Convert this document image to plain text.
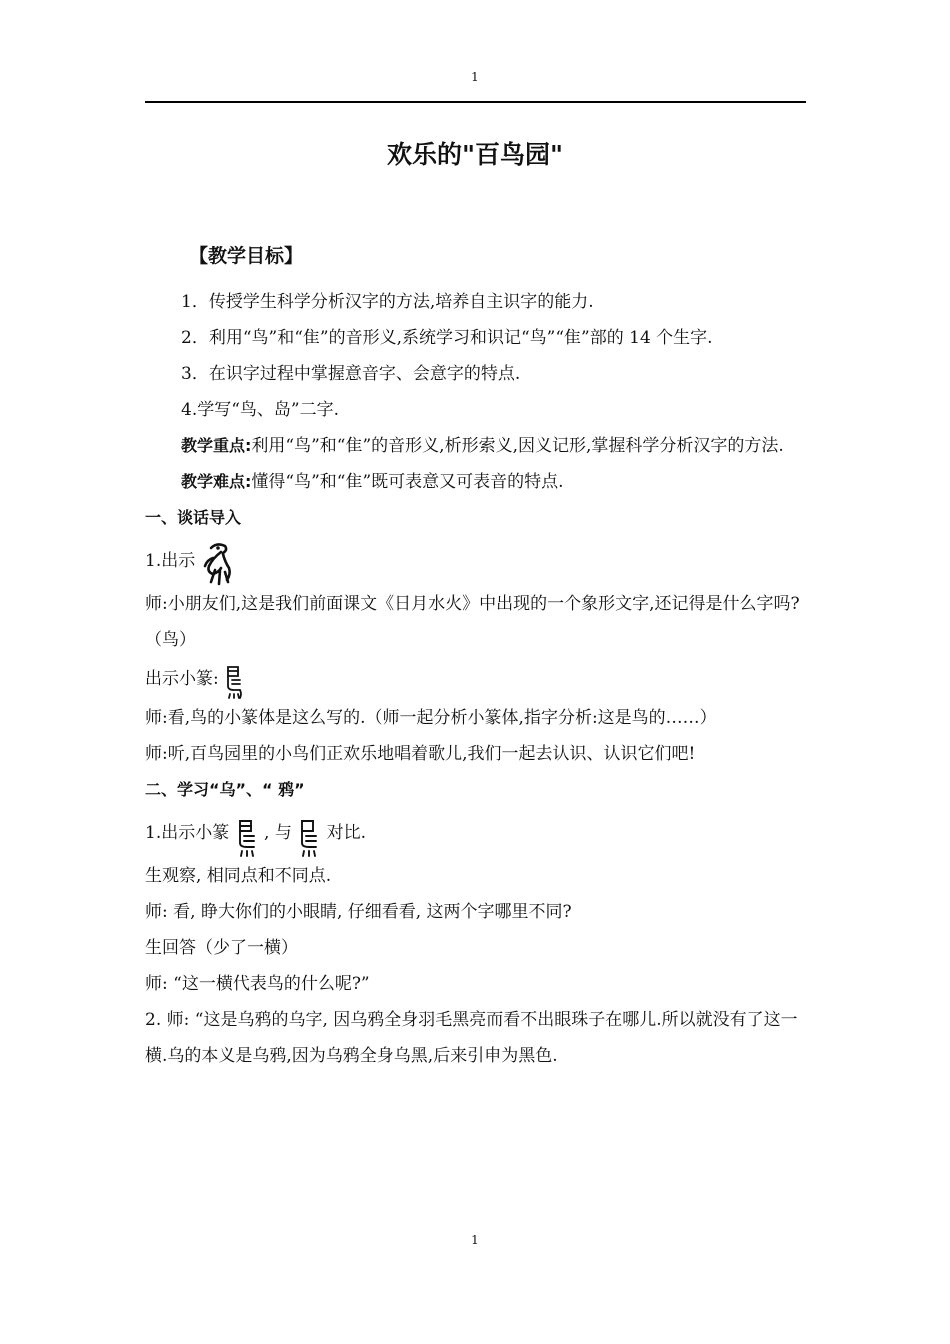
1
欢乐的"百鸟园"

【教学目标】

1．传授学生科学分析汉字的方法,培养自主识字的能力.

2．利用“鸟”和“隹”的音形义,系统学习和识记“鸟”“隹”部的 14 个生字.

3．在识字过程中掌握意音字、会意字的特点.

4.学写“鸟、岛”二字.

教学重点:利用“鸟”和“隹”的音形义,析形索义,因义记形,掌握科学分析汉字的方法.

教学难点:懂得“鸟”和“隹”既可表意又可表音的特点.

一、谈话导入

1.出示

师:小朋友们,这是我们前面课文《日月水火》中出现的一个象形文字,还记得是什么字吗?（鸟）

出示小篆:

师:看,鸟的小篆体是这么写的.（师一起分析小篆体,指字分析:这是鸟的……）

师:听,百鸟园里的小鸟们正欢乐地唱着歌儿,我们一起去认识、认识它们吧!

二、学习“乌”、“ 鸦”

1.出示小篆 , 与 对比.

生观察, 相同点和不同点.

师: 看, 睁大你们的小眼睛, 仔细看看, 这两个字哪里不同?

生回答（少了一横）

师: “这一横代表鸟的什么呢?”

2. 师: “这是乌鸦的乌字, 因乌鸦全身羽毛黑亮而看不出眼珠子在哪儿.所以就没有了这一横.乌的本义是乌鸦,因为乌鸦全身乌黑,后来引申为黑色.

1
